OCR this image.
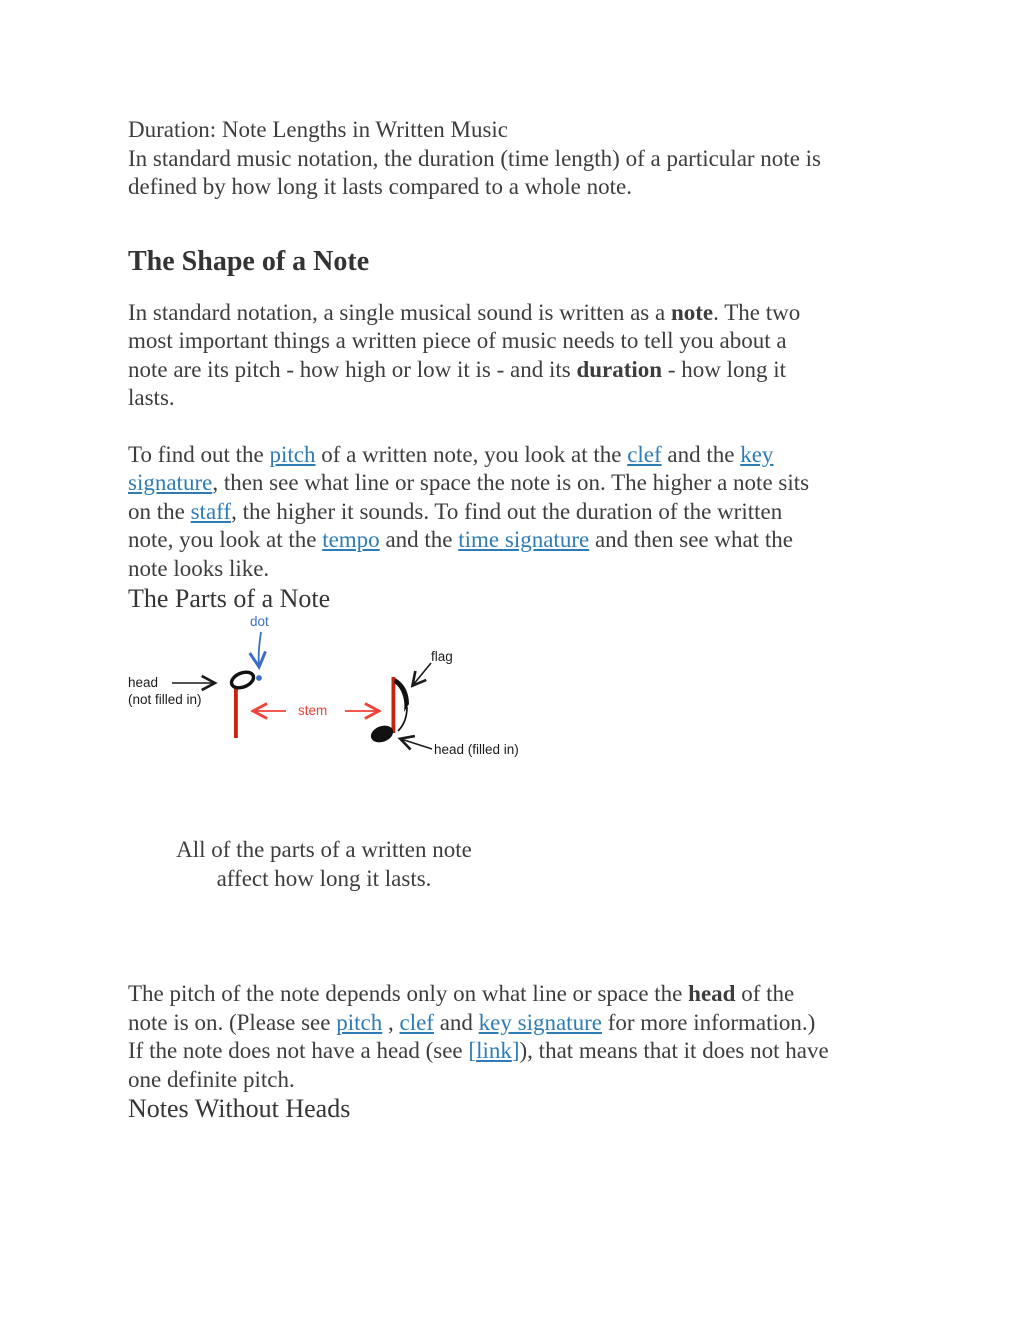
Duration: Note Lengths in Written Music
In standard music notation, the duration (time length) of a particular note is
defined by how long it lasts compared to a whole note.
The Shape of a Note
In standard notation, a single musical sound is written as a note. The two
most important things a written piece of music needs to tell you about a
note are its pitch - how high or low it is - and its duration - how long it
lasts.
To find out the pitch of a written note, you look at the clef and the key
signature, then see what line or space the note is on. The higher a note sits
on the staff, the higher it sounds. To find out the duration of the written
note, you look at the tempo and the time signature and then see what the
note looks like.
The Parts of a Note
dot
head
(not filled in)
stem
flag
head (filled in)
All of the parts of a written note
affect how long it lasts.
The pitch of the note depends only on what line or space the head of the
note is on. (Please see pitch , clef and key signature for more information.)
If the note does not have a head (see [link]), that means that it does not have
one definite pitch.
Notes Without Heads
